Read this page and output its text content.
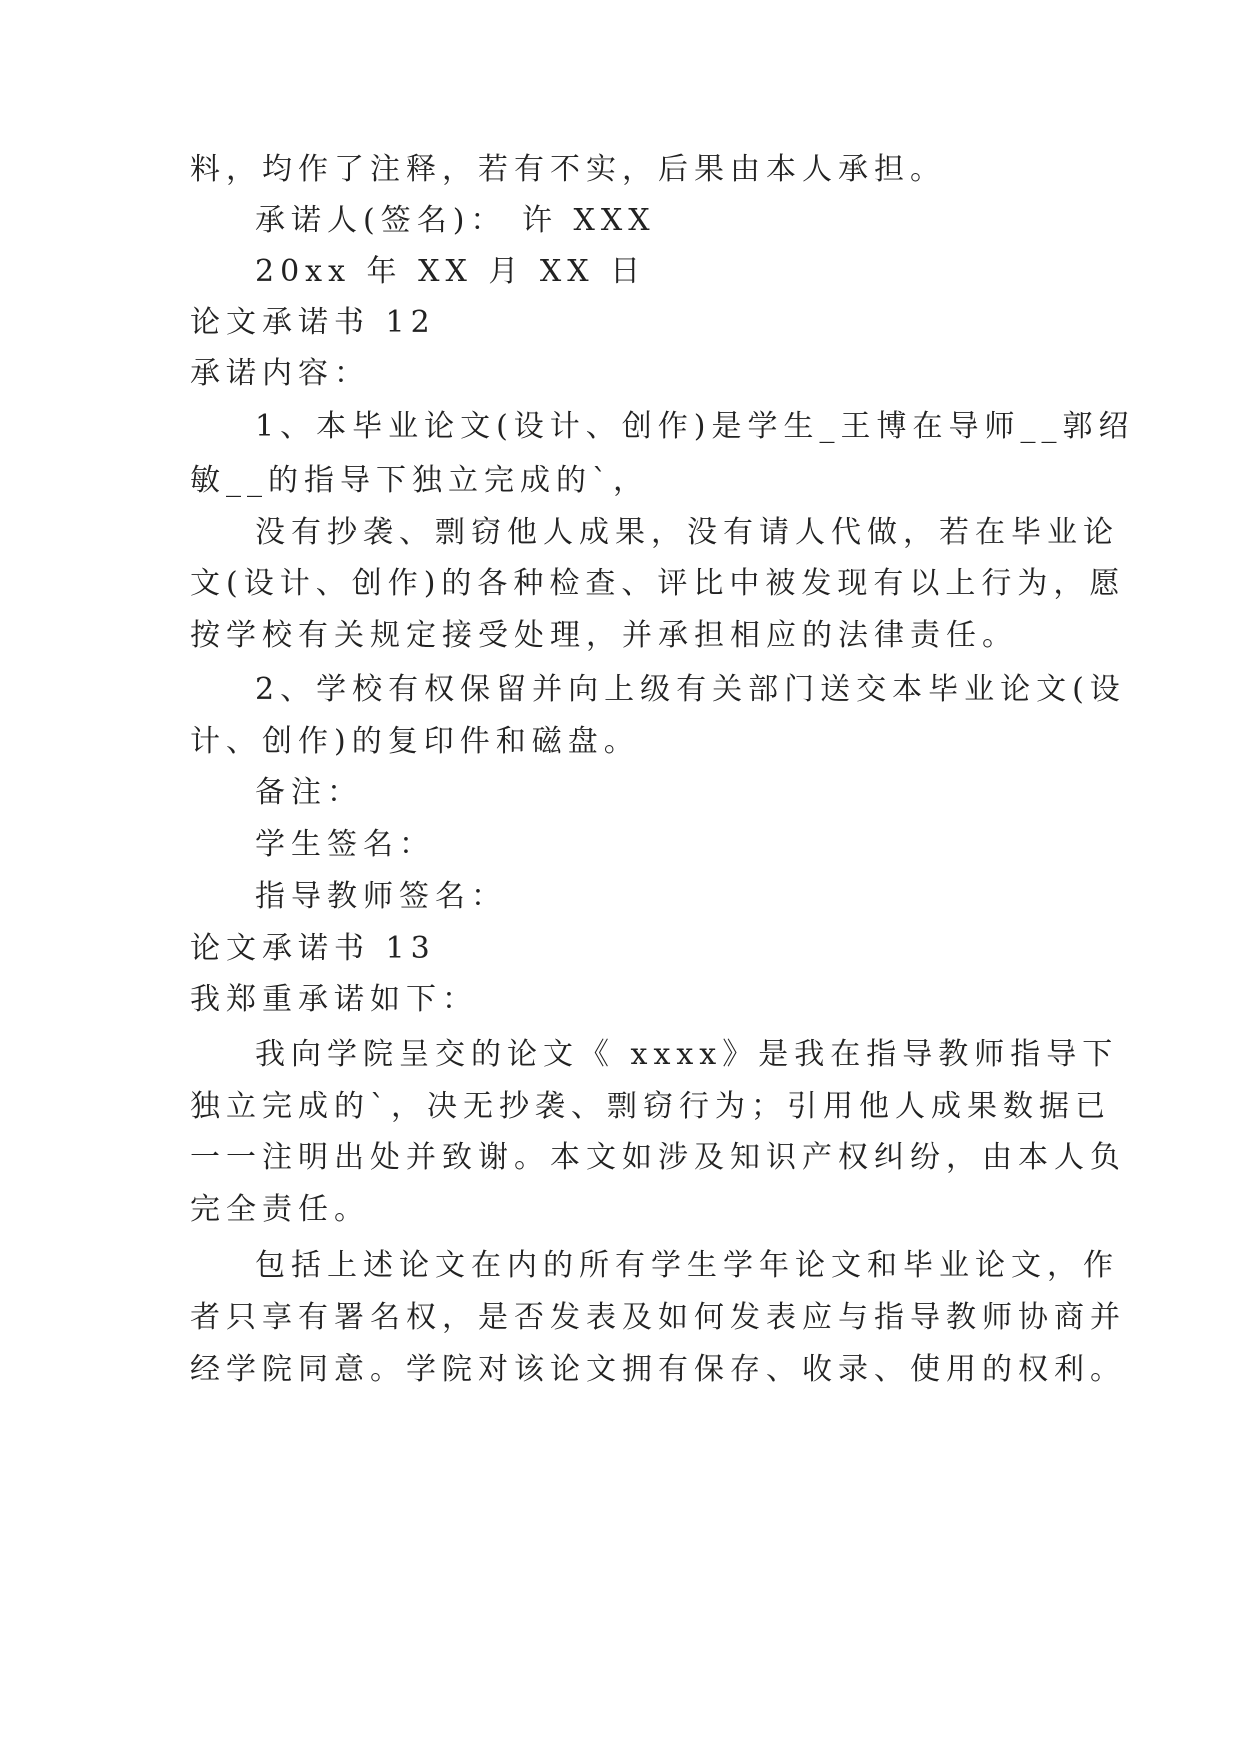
料，均作了注释，若有不实，后果由本人承担。
承诺人(签名)： 许 XXX
20xx 年 XX 月 XX 日
论文承诺书 12
承诺内容：
1、本毕业论文(设计、创作)是学生_王博在导师__郭绍
敏__的指导下独立完成的`，
没有抄袭、剽窃他人成果，没有请人代做，若在毕业论
文(设计、创作)的各种检查、评比中被发现有以上行为，愿
按学校有关规定接受处理，并承担相应的法律责任。
2、学校有权保留并向上级有关部门送交本毕业论文(设
计、创作)的复印件和磁盘。
备注：
学生签名：
指导教师签名：
论文承诺书 13
我郑重承诺如下：
我向学院呈交的论文《 xxxx》是我在指导教师指导下
独立完成的`，决无抄袭、剽窃行为；引用他人成果数据已
一一注明出处并致谢。本文如涉及知识产权纠纷，由本人负
完全责任。
包括上述论文在内的所有学生学年论文和毕业论文，作
者只享有署名权，是否发表及如何发表应与指导教师协商并
经学院同意。学院对该论文拥有保存、收录、使用的权利。
